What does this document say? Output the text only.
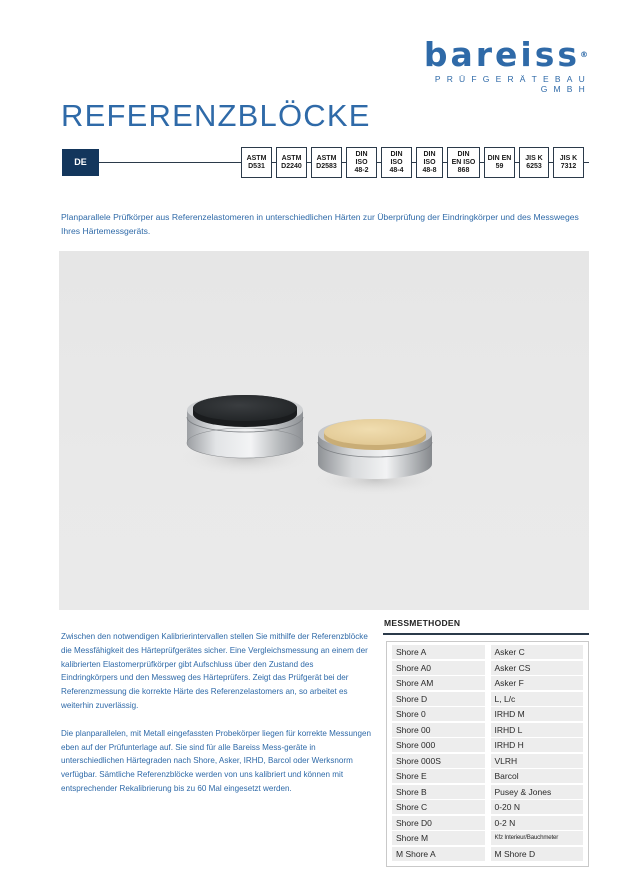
bareiss®
PRÜFGERÄTEBAU GMBH
REFERENZBLÖCKE
DE	ASTM
D531
ASTM
D2240
ASTM
D2583
DIN
ISO
48-2
DIN
ISO
48-4
DIN
ISO
48-8
DIN
EN ISO
868
DIN EN
59
JIS K
6253
JIS K
7312
Planparallele Prüfkörper aus Referenzelastomeren in unterschiedlichen Härten zur Überprüfung der Eindringkörper und des Messweges Ihres Härtemessgeräts.

Zwischen den notwendigen Kalibrierintervallen stellen Sie mithilfe der Referenzblöcke die Messfähigkeit des Härteprüfgerätes sicher. Eine Vergleichsmessung an einem der kalibrierten Elastomerprüfkörper gibt Aufschluss über den Zustand des Eindringkörpers und den Messweg des Härteprüfers. Zeigt das Prüfgerät bei der Referenzmessung die korrekte Härte des Referenzelastomers an, so arbeitet es weiterhin zuverlässig.

Die planparallelen, mit Metall eingefassten Probekörper liegen für korrekte Messungen eben auf der Prüfunterlage auf. Sie sind für alle Bareiss Mess-geräte in unterschiedlichen Härtegraden nach Shore, Asker, IRHD, Barcol oder Werksnorm verfügbar. Sämtliche Referenzblöcke werden von uns kalibriert und können mit entsprechender Rekalibrierung bis zu 60 Mal eingesetzt werden.

MESSMETHODEN
Shore A	Asker C
Shore A0	Asker CS
Shore AM	Asker F
Shore D	L, L/c
Shore 0	IRHD M
Shore 00	IRHD L
Shore 000	IRHD H
Shore 000S	VLRH
Shore E	Barcol
Shore B	Pusey & Jones
Shore C	0-20 N
Shore D0	0-2 N
Shore M	Kfz Interieur/Bauchmeter
M Shore A	M Shore D
